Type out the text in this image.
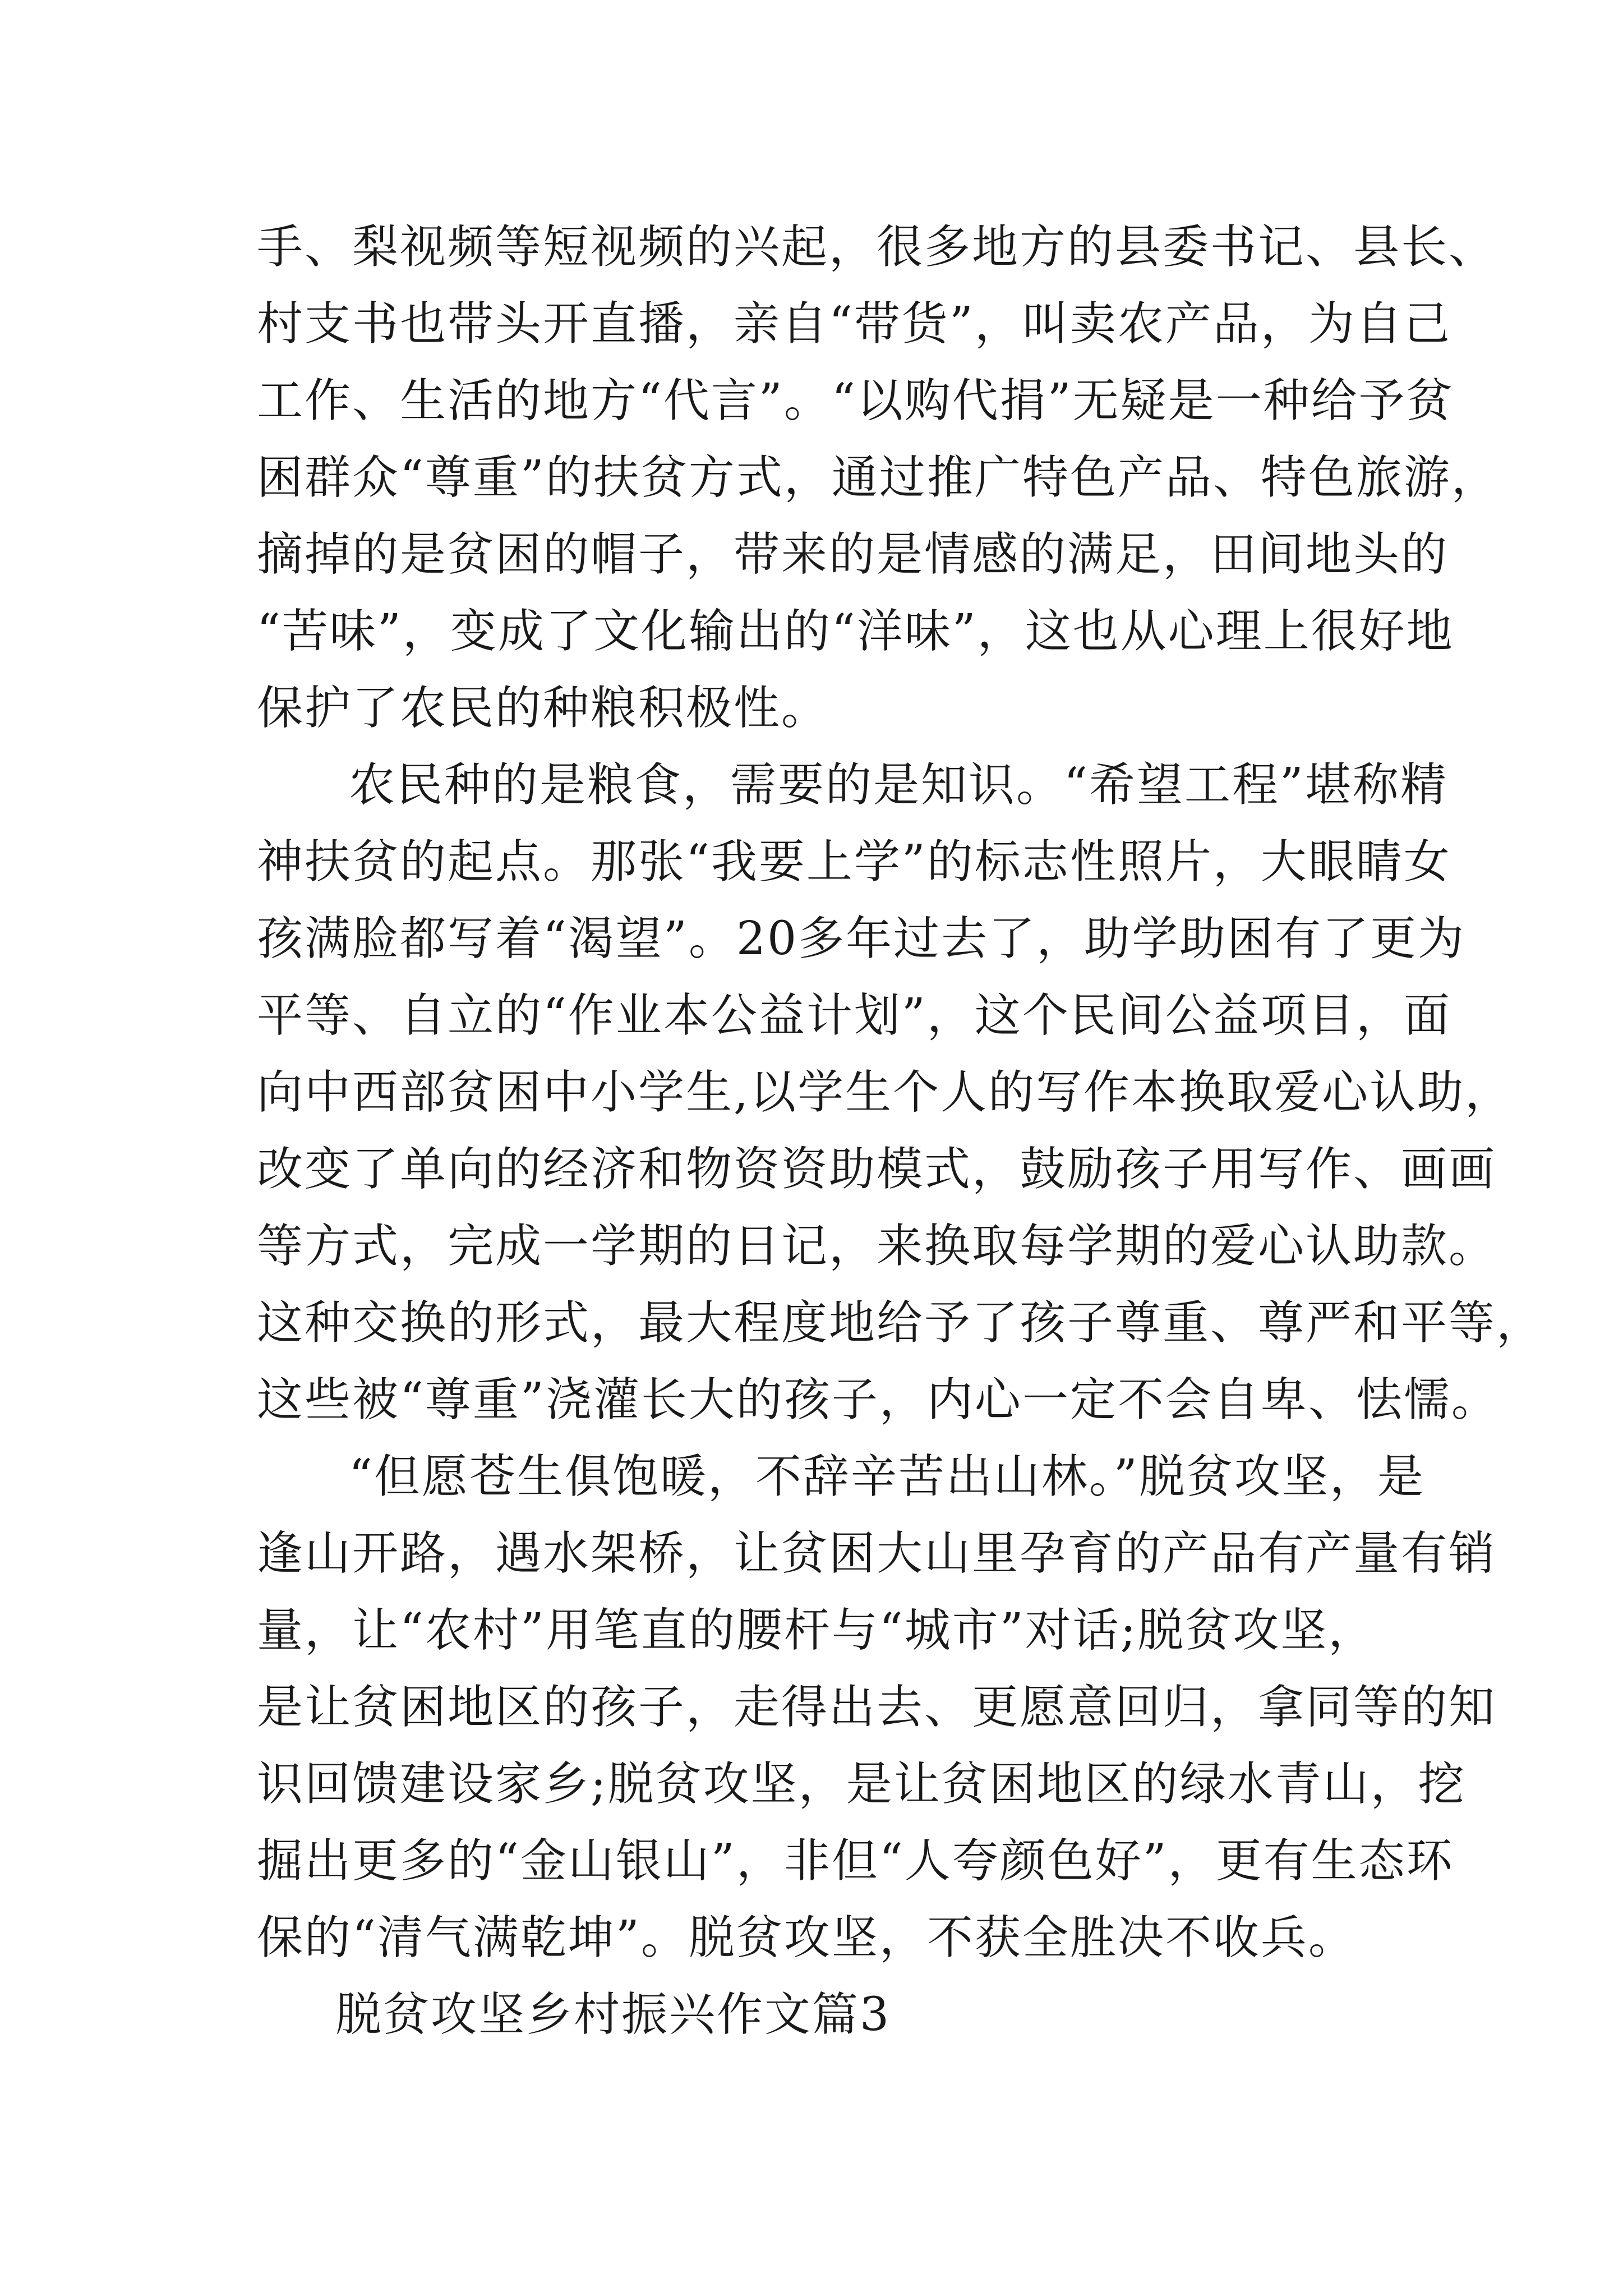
手、梨视频等短视频的兴起，很多地方的县委书记、县长、
村支书也带头开直播，亲自“带货”，叫卖农产品，为自己
工作、生活的地方“代言”。“以购代捐”无疑是一种给予贫
困群众“尊重”的扶贫方式，通过推广特色产品、特色旅游，
摘掉的是贫困的帽子，带来的是情感的满足，田间地头的
“苦味”，变成了文化输出的“洋味”，这也从心理上很好地
保护了农民的种粮积极性。
农民种的是粮食，需要的是知识。“希望工程”堪称精
神扶贫的起点。那张“我要上学”的标志性照片，大眼睛女
孩满脸都写着“渴望”。20多年过去了，助学助困有了更为
平等、自立的“作业本公益计划”，这个民间公益项目，面
向中西部贫困中小学生,以学生个人的写作本换取爱心认助，
改变了单向的经济和物资资助模式，鼓励孩子用写作、画画
等方式，完成一学期的日记，来换取每学期的爱心认助款。
这种交换的形式，最大程度地给予了孩子尊重、尊严和平等，
这些被“尊重”浇灌长大的孩子，内心一定不会自卑、怯懦。
“但愿苍生俱饱暖，不辞辛苦出山林。”脱贫攻坚，是
逢山开路，遇水架桥，让贫困大山里孕育的产品有产量有销
量，让“农村”用笔直的腰杆与“城市”对话;脱贫攻坚，
是让贫困地区的孩子，走得出去、更愿意回归，拿同等的知
识回馈建设家乡;脱贫攻坚，是让贫困地区的绿水青山，挖
掘出更多的“金山银山”，非但“人夸颜色好”，更有生态环
保的“清气满乾坤”。脱贫攻坚，不获全胜决不收兵。
脱贫攻坚乡村振兴作文篇3
